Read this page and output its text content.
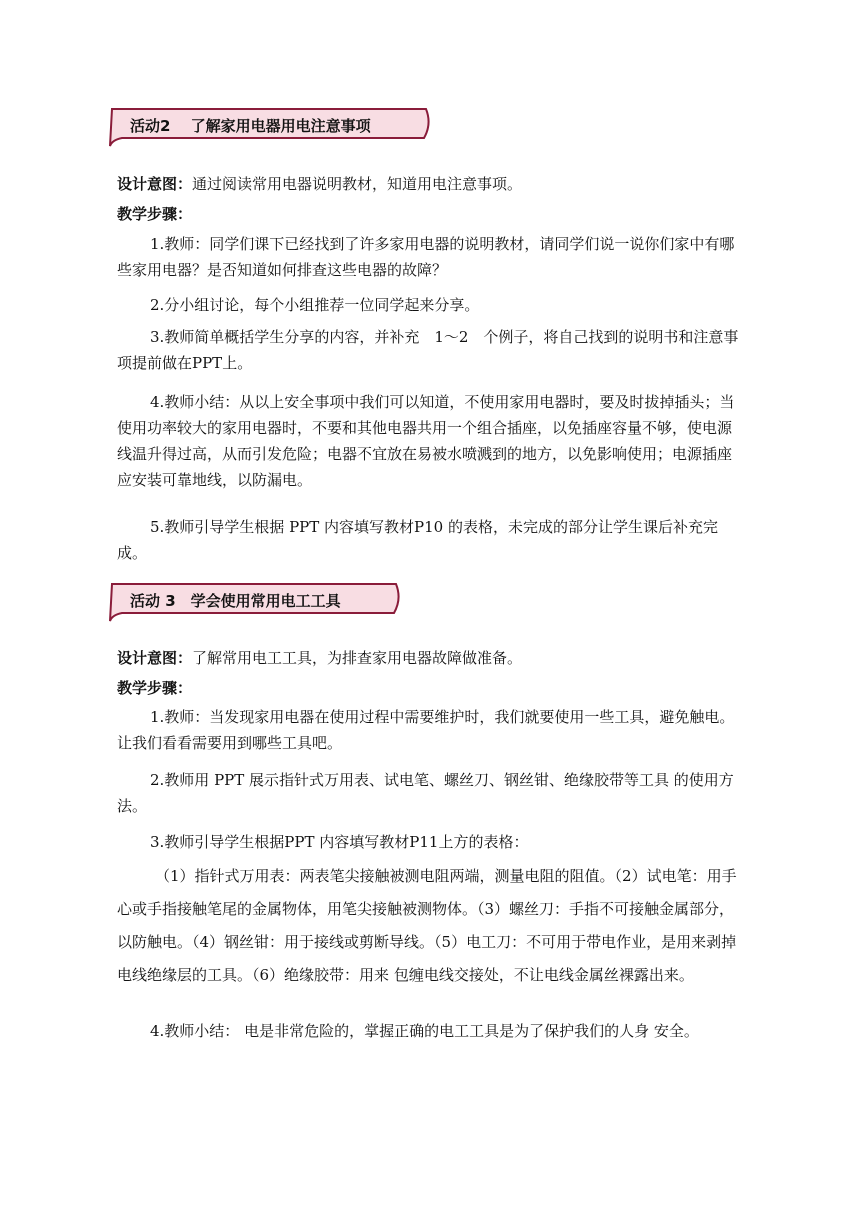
活动2　 了解家用电器用电注意事项

设计意图：通过阅读常用电器说明教材，知道用电注意事项。

教学步骤：

1.教师：同学们课下已经找到了许多家用电器的说明教材，请同学们说一说你们家中有哪些家用电器？是否知道如何排查这些电器的故障？

2.分小组讨论，每个小组推荐一位同学起来分享。

3.教师简单概括学生分享的内容，并补充　1～2　个例子，将自己找到的说明书和注意事项提前做在PPT上。

4.教师小结：从以上安全事项中我们可以知道，不使用家用电器时，要及时拔掉插头；当使用功率较大的家用电器时，不要和其他电器共用一个组合插座，以免插座容量不够，使电源线温升得过高，从而引发危险；电器不宜放在易被水喷溅到的地方，以免影响使用；电源插座应安装可靠地线，以防漏电。

5.教师引导学生根据 PPT 内容填写教材P10 的表格，未完成的部分让学生课后补充完成。

活动 3　学会使用常用电工工具

设计意图：了解常用电工工具，为排查家用电器故障做准备。

教学步骤：

1.教师：当发现家用电器在使用过程中需要维护时，我们就要使用一些工具，避免触电。让我们看看需要用到哪些工具吧。

2.教师用 PPT 展示指针式万用表、试电笔、螺丝刀、钢丝钳、绝缘胶带等工具 的使用方法。

3.教师引导学生根据PPT 内容填写教材P11上方的表格：

（1）指针式万用表：两表笔尖接触被测电阻两端，测量电阻的阻值。（2）试电笔：用手心或手指接触笔尾的金属物体，用笔尖接触被测物体。（3）螺丝刀：手指不可接触金属部分，以防触电。（4）钢丝钳：用于接线或剪断导线。（5）电工刀：不可用于带电作业，是用来剥掉电线绝缘层的工具。（6）绝缘胶带：用来 包缠电线交接处，不让电线金属丝裸露出来。

4.教师小结： 电是非常危险的，掌握正确的电工工具是为了保护我们的人身 安全。
